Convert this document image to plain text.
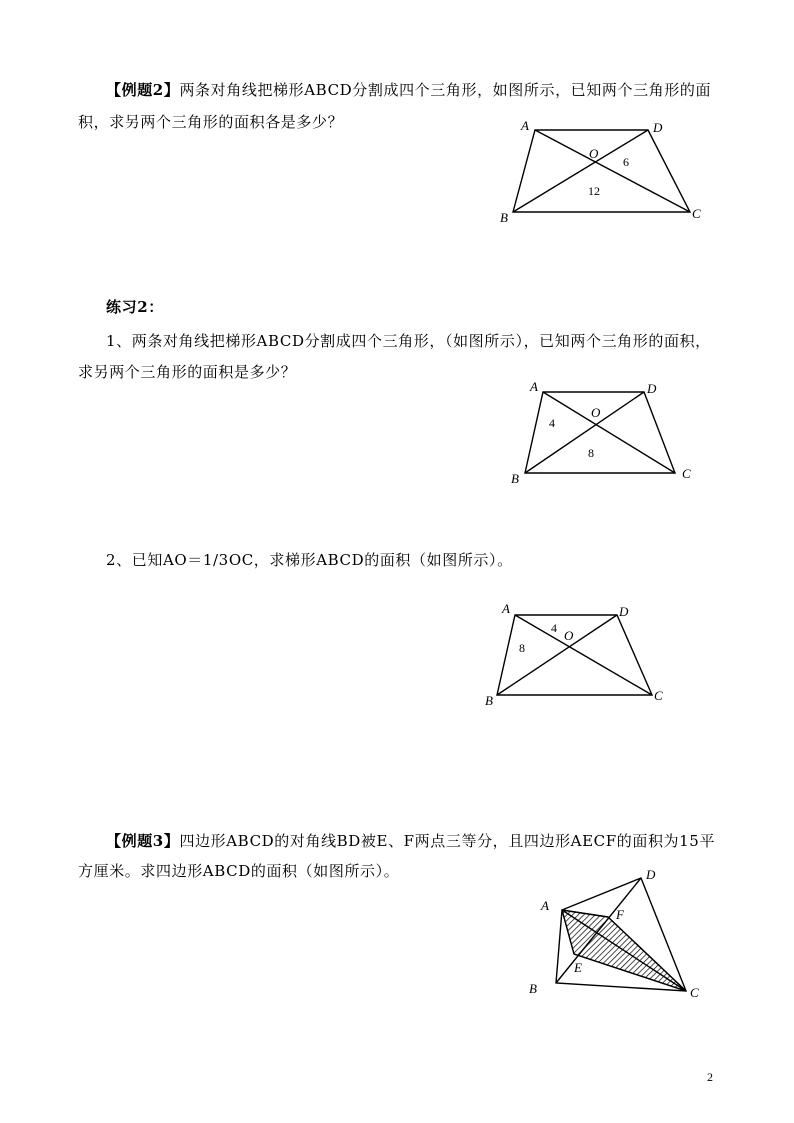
【例题2】两条对角线把梯形ABCD分割成四个三角形，如图所示，已知两个三角形的面
积，求另两个三角形的面积各是多少？	A	D
B	C
O
6
12
练习2：
1、两条对角线把梯形ABCD分割成四个三角形，（如图所示），已知两个三角形的面积，
求另两个三角形的面积是多少？
A	D
B	C
O
4
8
2、已知AO＝1/3OC，求梯形ABCD的面积（如图所示）。
A	D
B	C
O
4
8
【例题3】四边形ABCD的对角线BD被E、F两点三等分，且四边形AECF的面积为15平
方厘米。求四边形ABCD的面积（如图所示）。
A
D
B	C
F
E
2
